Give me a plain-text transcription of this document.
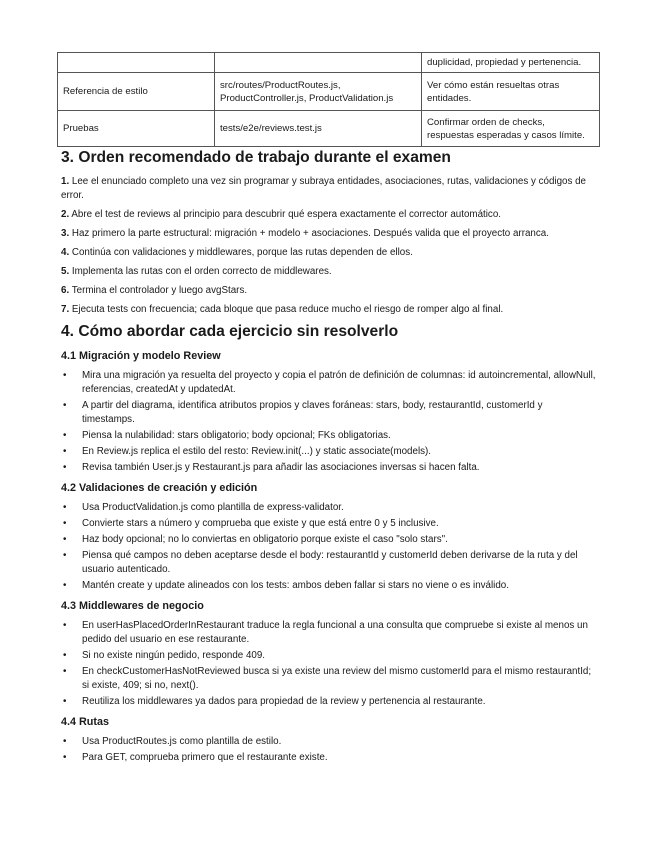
		duplicidad, propiedad y pertenencia.
Referencia de estilo	src/routes/ProductRoutes.js, ProductController.js, ProductValidation.js	Ver cómo están resueltas otras entidades.
Pruebas	tests/e2e/reviews.test.js	Confirmar orden de checks, respuestas esperadas y casos límite.
3. Orden recomendado de trabajo durante el examen

1. Lee el enunciado completo una vez sin programar y subraya entidades, asociaciones, rutas, validaciones y códigos de error.

2. Abre el test de reviews al principio para descubrir qué espera exactamente el corrector automático.

3. Haz primero la parte estructural: migración + modelo + asociaciones. Después valida que el proyecto arranca.

4. Continúa con validaciones y middlewares, porque las rutas dependen de ellos.

5. Implementa las rutas con el orden correcto de middlewares.

6. Termina el controlador y luego avgStars.

7. Ejecuta tests con frecuencia; cada bloque que pasa reduce mucho el riesgo de romper algo al final.

4. Cómo abordar cada ejercicio sin resolverlo
4.1 Migración y modelo Review
• Mira una migración ya resuelta del proyecto y copia el patrón de definición de columnas: id autoincremental, allowNull, referencias, createdAt y updatedAt.
• A partir del diagrama, identifica atributos propios y claves foráneas: stars, body, restaurantId, customerId y timestamps.
• Piensa la nulabilidad: stars obligatorio; body opcional; FKs obligatorias.
• En Review.js replica el estilo del resto: Review.init(...) y static associate(models).
• Revisa también User.js y Restaurant.js para añadir las asociaciones inversas si hacen falta.
4.2 Validaciones de creación y edición
• Usa ProductValidation.js como plantilla de express-validator.
• Convierte stars a número y comprueba que existe y que está entre 0 y 5 inclusive.
• Haz body opcional; no lo conviertas en obligatorio porque existe el caso "solo stars".
• Piensa qué campos no deben aceptarse desde el body: restaurantId y customerId deben derivarse de la ruta y del usuario autenticado.
• Mantén create y update alineados con los tests: ambos deben fallar si stars no viene o es inválido.
4.3 Middlewares de negocio
• En userHasPlacedOrderInRestaurant traduce la regla funcional a una consulta que compruebe si existe al menos un pedido del usuario en ese restaurante.
• Si no existe ningún pedido, responde 409.
• En checkCustomerHasNotReviewed busca si ya existe una review del mismo customerId para el mismo restaurantId; si existe, 409; si no, next().
• Reutiliza los middlewares ya dados para propiedad de la review y pertenencia al restaurante.
4.4 Rutas
• Usa ProductRoutes.js como plantilla de estilo.
• Para GET, comprueba primero que el restaurante existe.
